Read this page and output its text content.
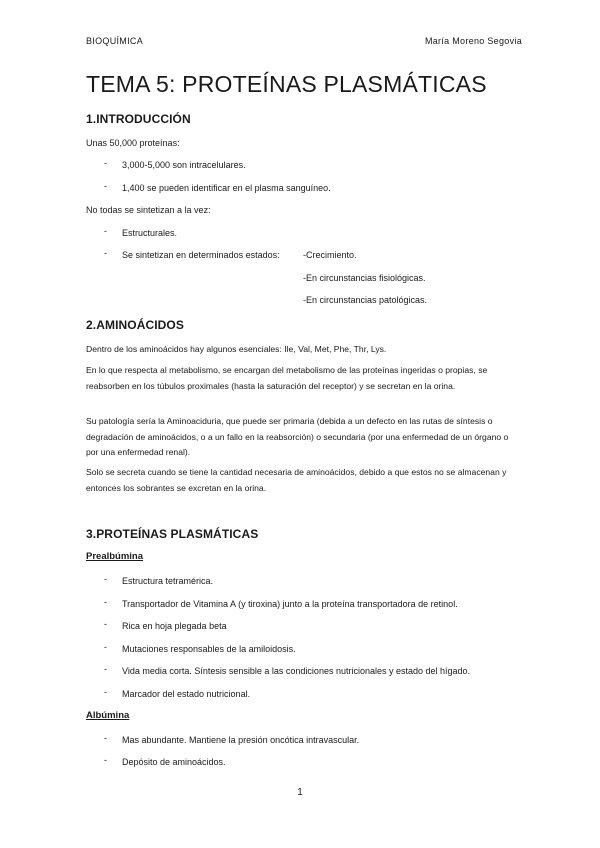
BIOQUÍMICA	María Moreno Segovia
TEMA 5: PROTEÍNAS PLASMÁTICAS
1.INTRODUCCIÓN
Unas 50,000 proteínas:
- 3,000-5,000 son intracelulares.
- 1,400 se pueden identificar en el plasma sanguíneo.
No todas se sintetizan a la vez:
- Estructurales.
- Se sintetizan en determinados estados:	-Crecimiento.
-En circunstancias fisiológicas.
-En circunstancias patológicas.
2.AMINOÁCIDOS
Dentro de los aminoácidos hay algunos esenciales: Ile, Val, Met, Phe, Thr, Lys.
En lo que respecta al metabolismo, se encargan del metabolismo de las proteínas ingeridas o propias, se reabsorben en los túbulos proximales (hasta la saturación del receptor) y se secretan en la orina.
Su patología sería la Aminoaciduria, que puede ser primaria (debida a un defecto en las rutas de síntesis o degradación de aminoácidos, o a un fallo en la reabsorción) o secundaria (por una enfermedad de un órgano o por una enfermedad renal).
Solo se secreta cuando se tiene la cantidad necesaria de aminoácidos, debido a que estos no se almacenan y entonces los sobrantes se excretan en la orina.
3.PROTEÍNAS PLASMÁTICAS
Prealbúmina
- Estructura tetramérica.
- Transportador de Vitamina A (y tiroxina) junto a la proteína transportadora de retinol.
- Rica en hoja plegada beta
- Mutaciones responsables de la amiloidosis.
- Vida media corta. Síntesis sensible a las condiciones nutricionales y estado del hígado.
- Marcador del estado nutricional.
Albúmina
- Mas abundante. Mantiene la presión oncótica intravascular.
- Depósito de aminoácidos.
1
